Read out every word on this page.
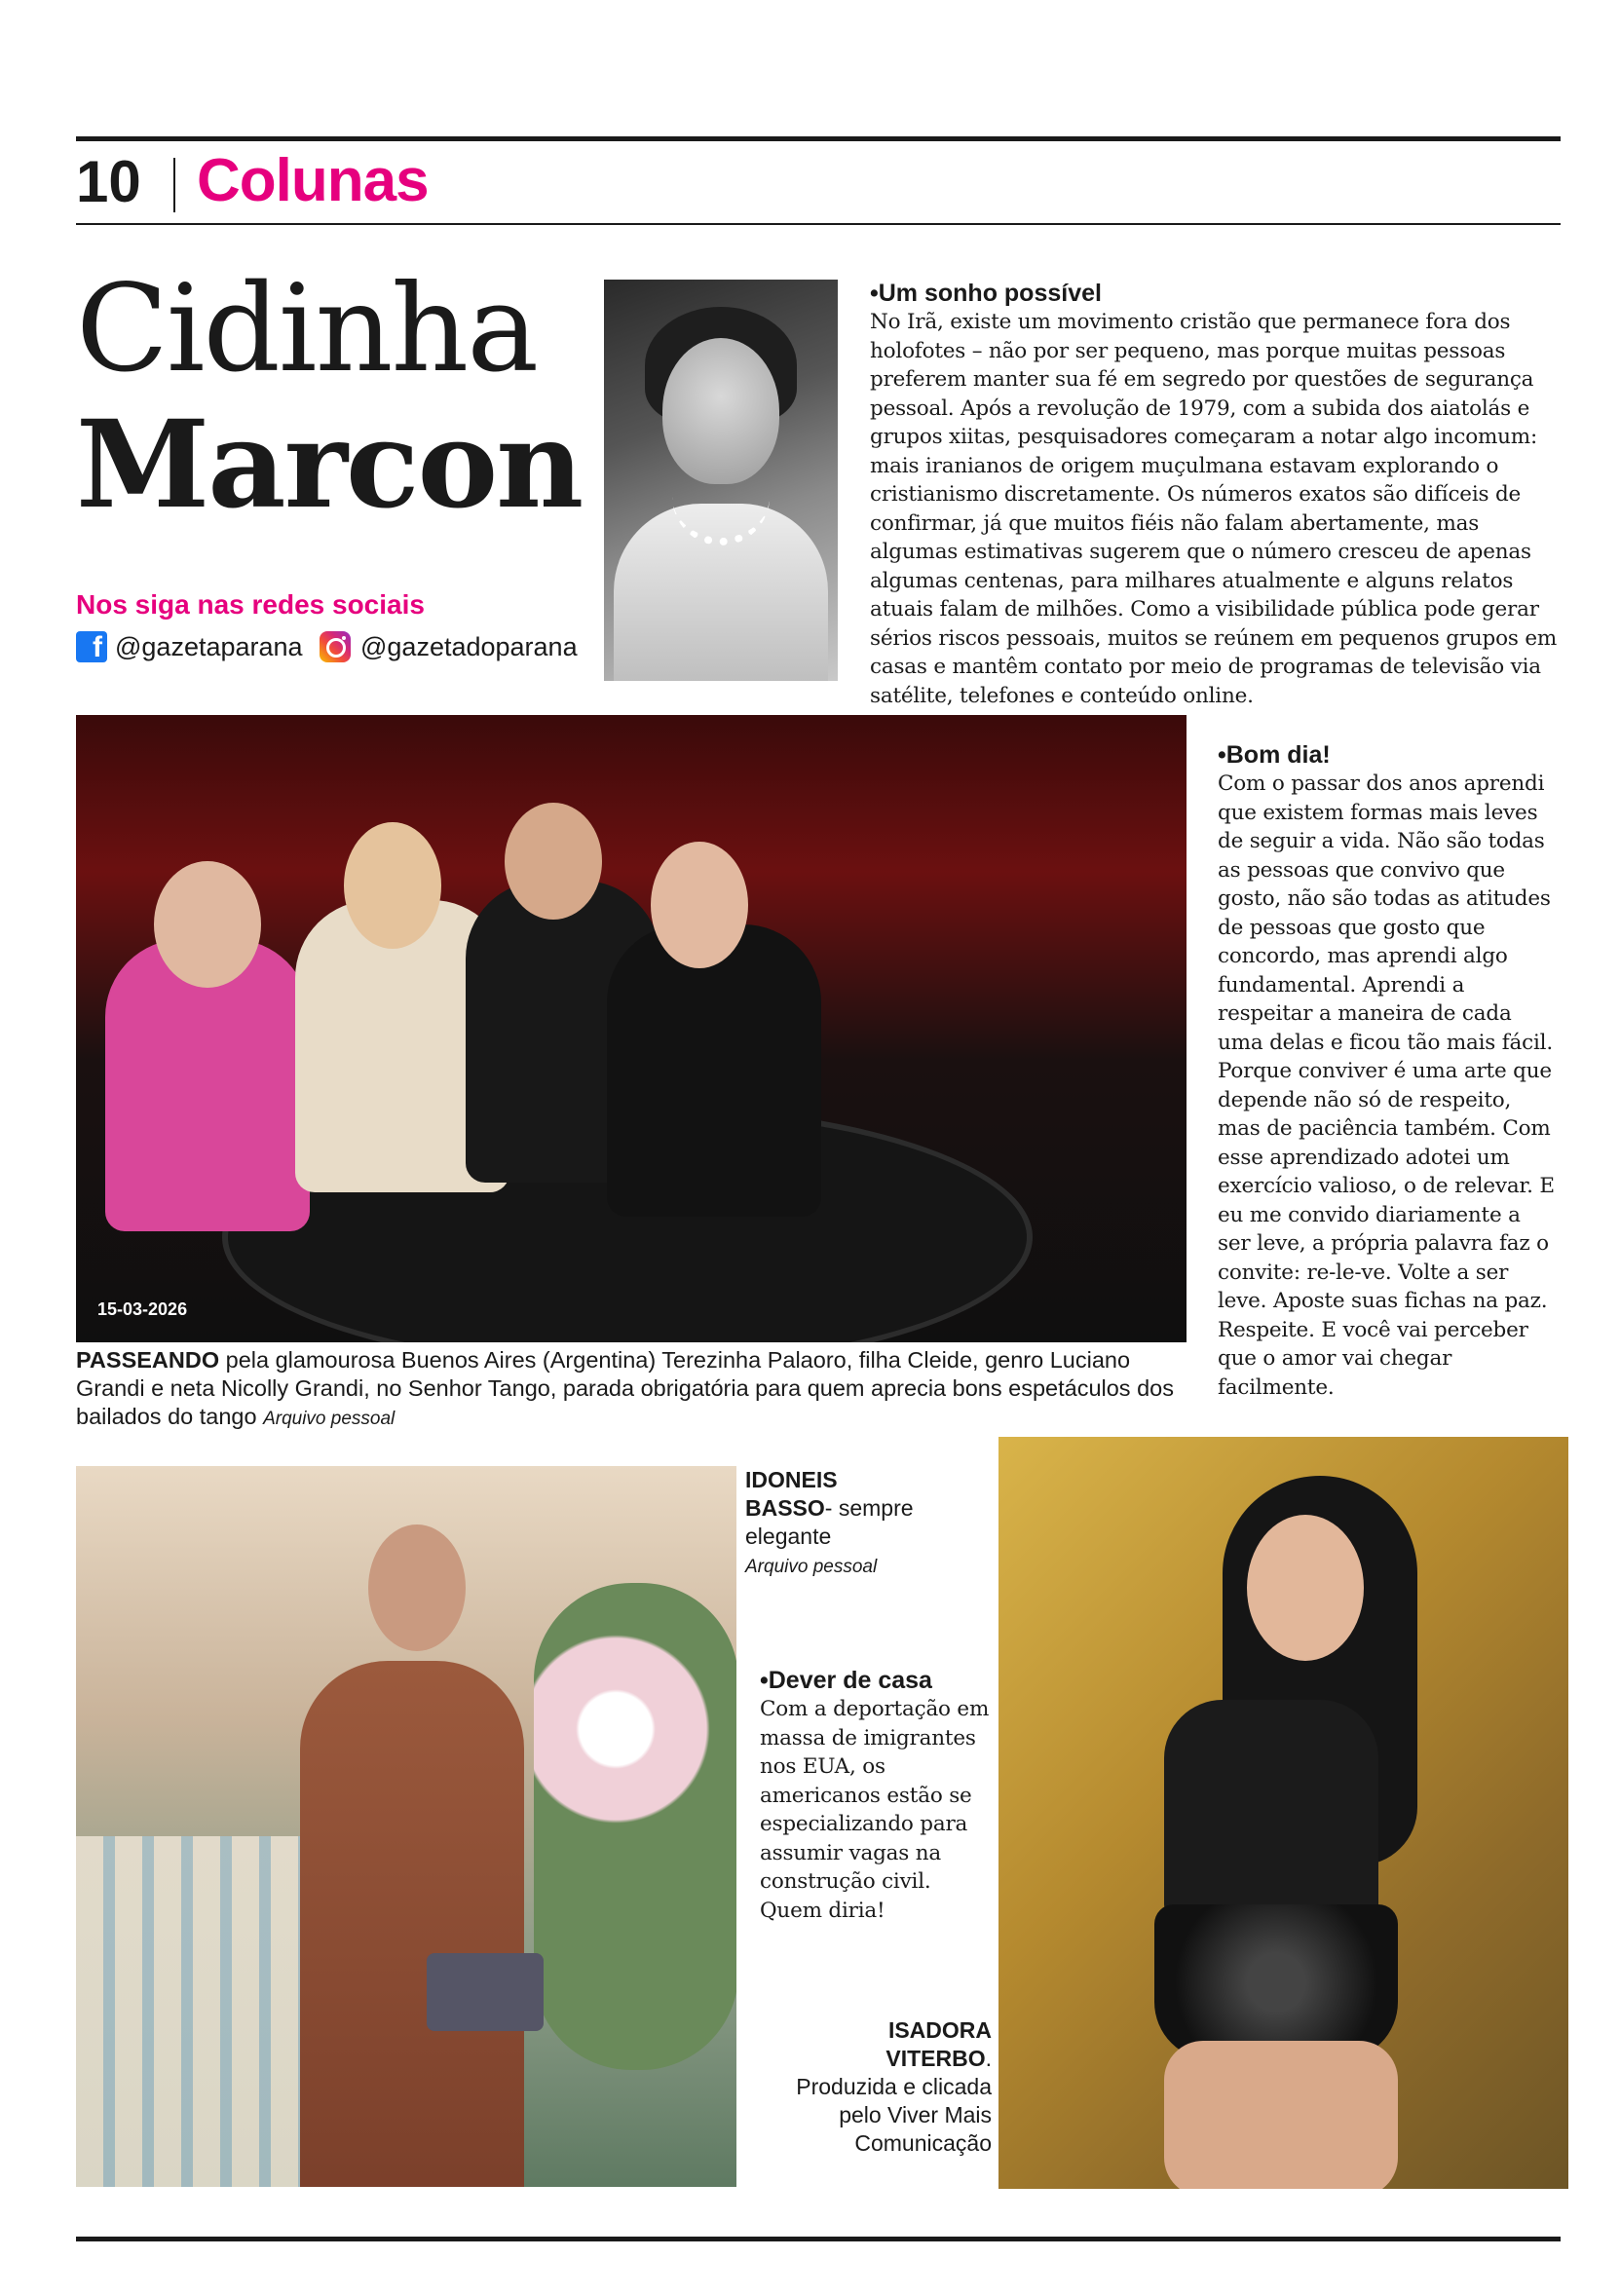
10 Colunas
Cidinha
Marcon
Nos siga nas redes sociais
f @gazetaparana @gazetadoparana
•Um sonho possível
No Irã, existe um movimento cristão que permanece fora dos holofotes – não por ser pequeno, mas porque muitas pessoas preferem manter sua fé em segredo por questões de segurança pessoal. Após a revolução de 1979, com a subida dos aiatolás e grupos xiitas, pesquisadores começaram a notar algo incomum: mais iranianos de origem muçulmana estavam explorando o cristianismo discretamente. Os números exatos são difíceis de confirmar, já que muitos fiéis não falam abertamente, mas algumas estimativas sugerem que o número cresceu de apenas algumas centenas, para milhares atualmente e alguns relatos atuais falam de milhões. Como a visibilidade pública pode gerar sérios riscos pessoais, muitos se reúnem em pequenos grupos em casas e mantêm contato por meio de programas de televisão via satélite, telefones e conteúdo online.
15-03-2026
PASSEANDO pela glamourosa Buenos Aires (Argentina) Terezinha Palaoro, filha Cleide, genro Luciano Grandi e neta Nicolly Grandi, no Senhor Tango, parada obrigatória para quem aprecia bons espetáculos dos bailados do tango Arquivo pessoal
•Bom dia!
Com o passar dos anos aprendi que existem formas mais leves de seguir a vida. Não são todas as pessoas que convivo que gosto, não são todas as atitudes de pessoas que gosto que concordo, mas aprendi algo fundamental. Aprendi a respeitar a maneira de cada uma delas e ficou tão mais fácil. Porque conviver é uma arte que depende não só de respeito, mas de paciência também. Com esse aprendizado adotei um exercício valioso, o de relevar. E eu me convido diariamente a ser leve, a própria palavra faz o convite: re-le-ve. Volte a ser leve. Aposte suas fichas na paz. Respeite. E você vai perceber que o amor vai chegar facilmente.
IDONEIS BASSO- sempre elegante
Arquivo pessoal
•Dever de casa
Com a deportação em massa de imigrantes nos EUA, os americanos estão se especializando para assumir vagas na construção civil. Quem diria!
ISADORA VITERBO. Produzida e clicada pelo Viver Mais Comunicação
